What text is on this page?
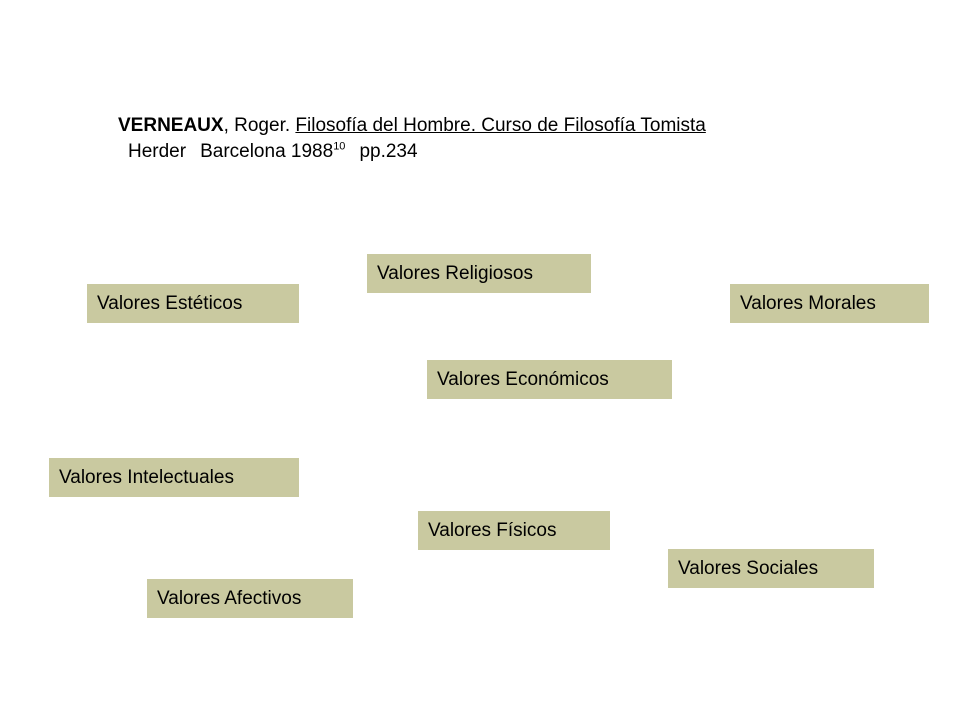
VERNEAUX, Roger. Filosofía del Hombre. Curso de Filosofía Tomista
Herder Barcelona 1988$^{10}$ pp.234
Valores Religiosos
Valores Estéticos	Valores Morales
Valores Económicos
Valores Intelectuales
Valores Físicos
Valores Sociales
Valores Afectivos
